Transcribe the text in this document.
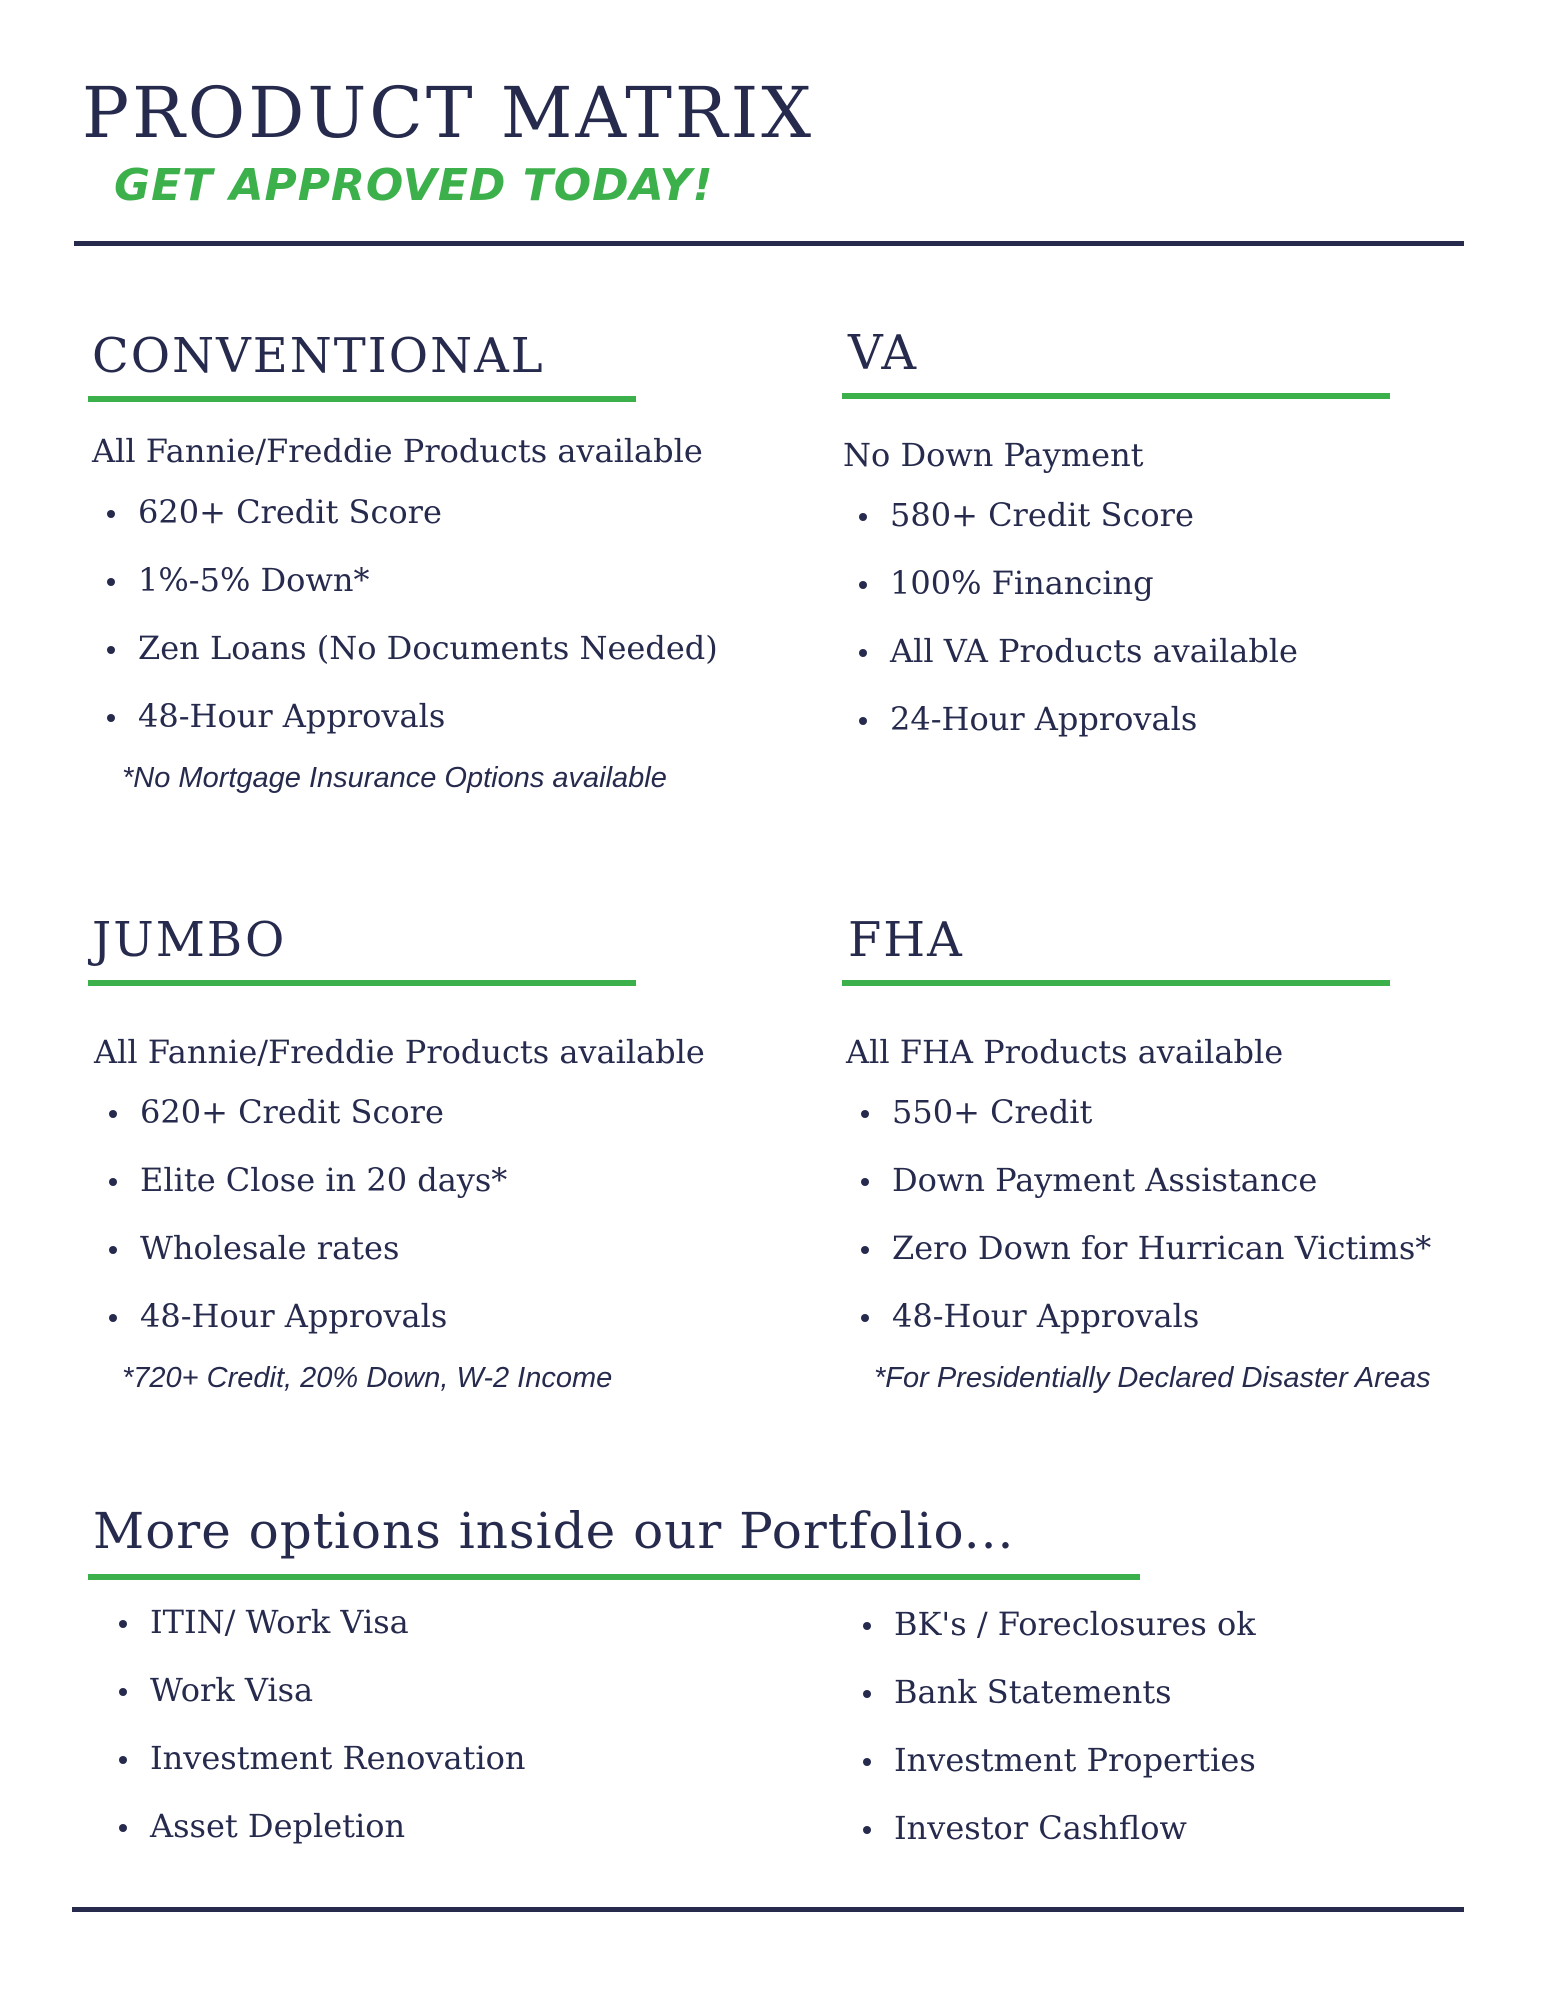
PRODUCT MATRIX
GET APPROVED TODAY!
CONVENTIONAL
All Fannie/Freddie Products available
620+ Credit Score
1%-5% Down*
Zen Loans (No Documents Needed)
48-Hour Approvals
*No Mortgage Insurance Options available
VA
No Down Payment
580+ Credit Score
100% Financing
All VA Products available
24-Hour Approvals
JUMBO
All Fannie/Freddie Products available
620+ Credit Score
Elite Close in 20 days*
Wholesale rates
48-Hour Approvals
*720+ Credit, 20% Down, W-2 Income
FHA
All FHA Products available
550+ Credit
Down Payment Assistance
Zero Down for Hurrican Victims*
48-Hour Approvals
*For Presidentially Declared Disaster Areas
More options inside our Portfolio...
ITIN/ Work Visa
Work Visa
Investment Renovation
Asset Depletion
BK's / Foreclosures ok
Bank Statements
Investment Properties
Investor Cashflow
